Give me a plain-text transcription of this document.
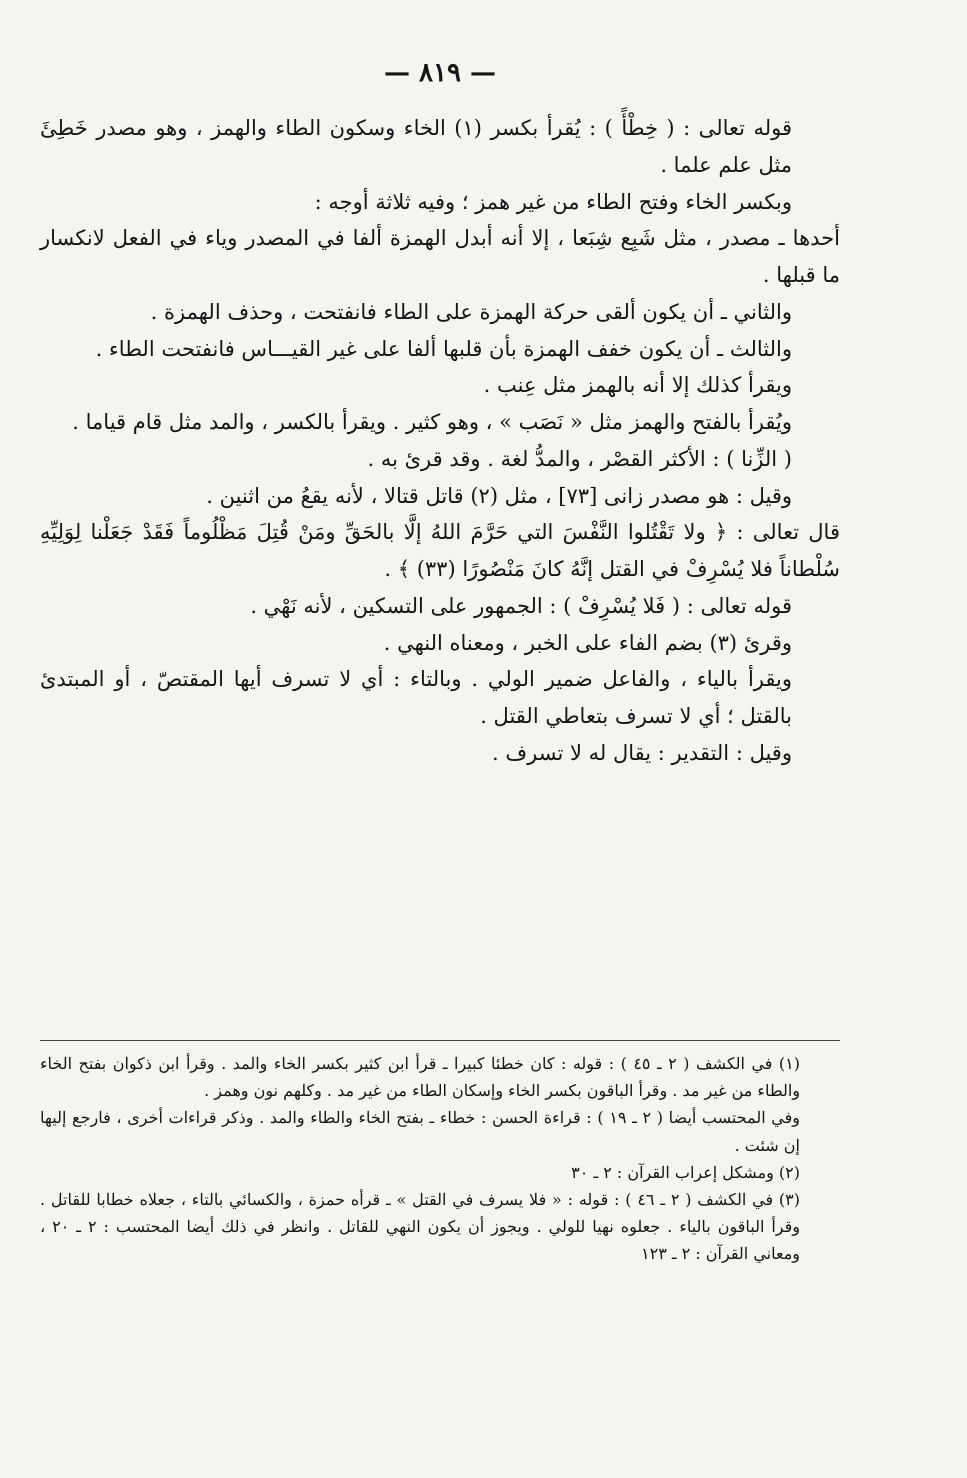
— ٨١٩ —

قوله تعالى : ( خِطْأً ) : يُقرأ بكسر (١) الخاء وسكون الطاء والهمز ، وهو مصدر خَطِئَ مثل علم علما .

وبكسر الخاء وفتح الطاء من غير همز ؛ وفيه ثلاثة أوجه :

أحدها ـ مصدر ، مثل شَبِع شِبَعا ، إلا أنه أبدل الهمزة ألفا في المصدر وياء في الفعل لانكسار ما قبلها .

والثاني ـ أن يكون ألقى حركة الهمزة على الطاء فانفتحت ، وحذف الهمزة .

والثالث ـ أن يكون خفف الهمزة بأن قلبها ألفا على غير القيـــاس فانفتحت الطاء .

ويقرأ كذلك إلا أنه بالهمز مثل عِنب .

ويُقرأ بالفتح والهمز مثل « نَصَب » ، وهو كثير . ويقرأ بالكسر ، والمد مثل قام قياما .

( الزِّنا ) : الأكثر القصْر ، والمدُّ لغة . وقد قرئ به .

وقيل : هو مصدر زانى [٧٣] ، مثل (٢) قاتل قتالا ، لأنه يقعُ من اثنين .

قال تعالى : ﴿ ولا تَقْتُلوا النَّفْسَ التي حَرَّمَ اللهُ إلَّا بالحَقِّ ومَنْ قُتِلَ مَظْلُوماً فَقَدْ جَعَلْنا لِوَلِيِّهِ سُلْطاناً فلا يُسْرِفْ في القتل إنَّهُ كانَ مَنْصُورًا (٣٣) ﴾ .

قوله تعالى : ( فَلا يُسْرِفْ ) : الجمهور على التسكين ، لأنه نَهْي .

وقرئ (٣) بضم الفاء على الخبر ، ومعناه النهي .

ويقرأ بالياء ، والفاعل ضمير الولي . وبالتاء : أي لا تسرف أيها المقتصّ ، أو المبتدئ بالقتل ؛ أي لا تسرف بتعاطي القتل .

وقيل : التقدير : يقال له لا تسرف .

(١) في الكشف ( ٢ ـ ٤٥ ) : قوله : كان خطئا كبيرا ـ قرأ ابن كثير بكسر الخاء والمد . وقرأ ابن ذكوان بفتح الخاء والطاء من غير مد . وقرأ الباقون بكسر الخاء وإسكان الطاء من غير مد . وكلهم نون وهمز .

وفي المحتسب أيضا ( ٢ ـ ١٩ ) : قراءة الحسن : خطاء ـ بفتح الخاء والطاء والمد . وذكر قراءات أخرى ، فارجع إليها إن شئت .

(٢) ومشكل إعراب القرآن : ٢ ـ ٣٠

(٣) في الكشف ( ٢ ـ ٤٦ ) : قوله : « فلا يسرف في القتل » ـ قرأه حمزة ، والكسائي بالتاء ، جعلاه خطابا للقاتل . وقرأ الباقون بالياء . جعلوه نهيا للولي . ويجوز أن يكون النهي للقاتل . وانظر في ذلك أيضا المحتسب : ٢ ـ ٢٠ ، ومعاني القرآن : ٢ ـ ١٢٣
